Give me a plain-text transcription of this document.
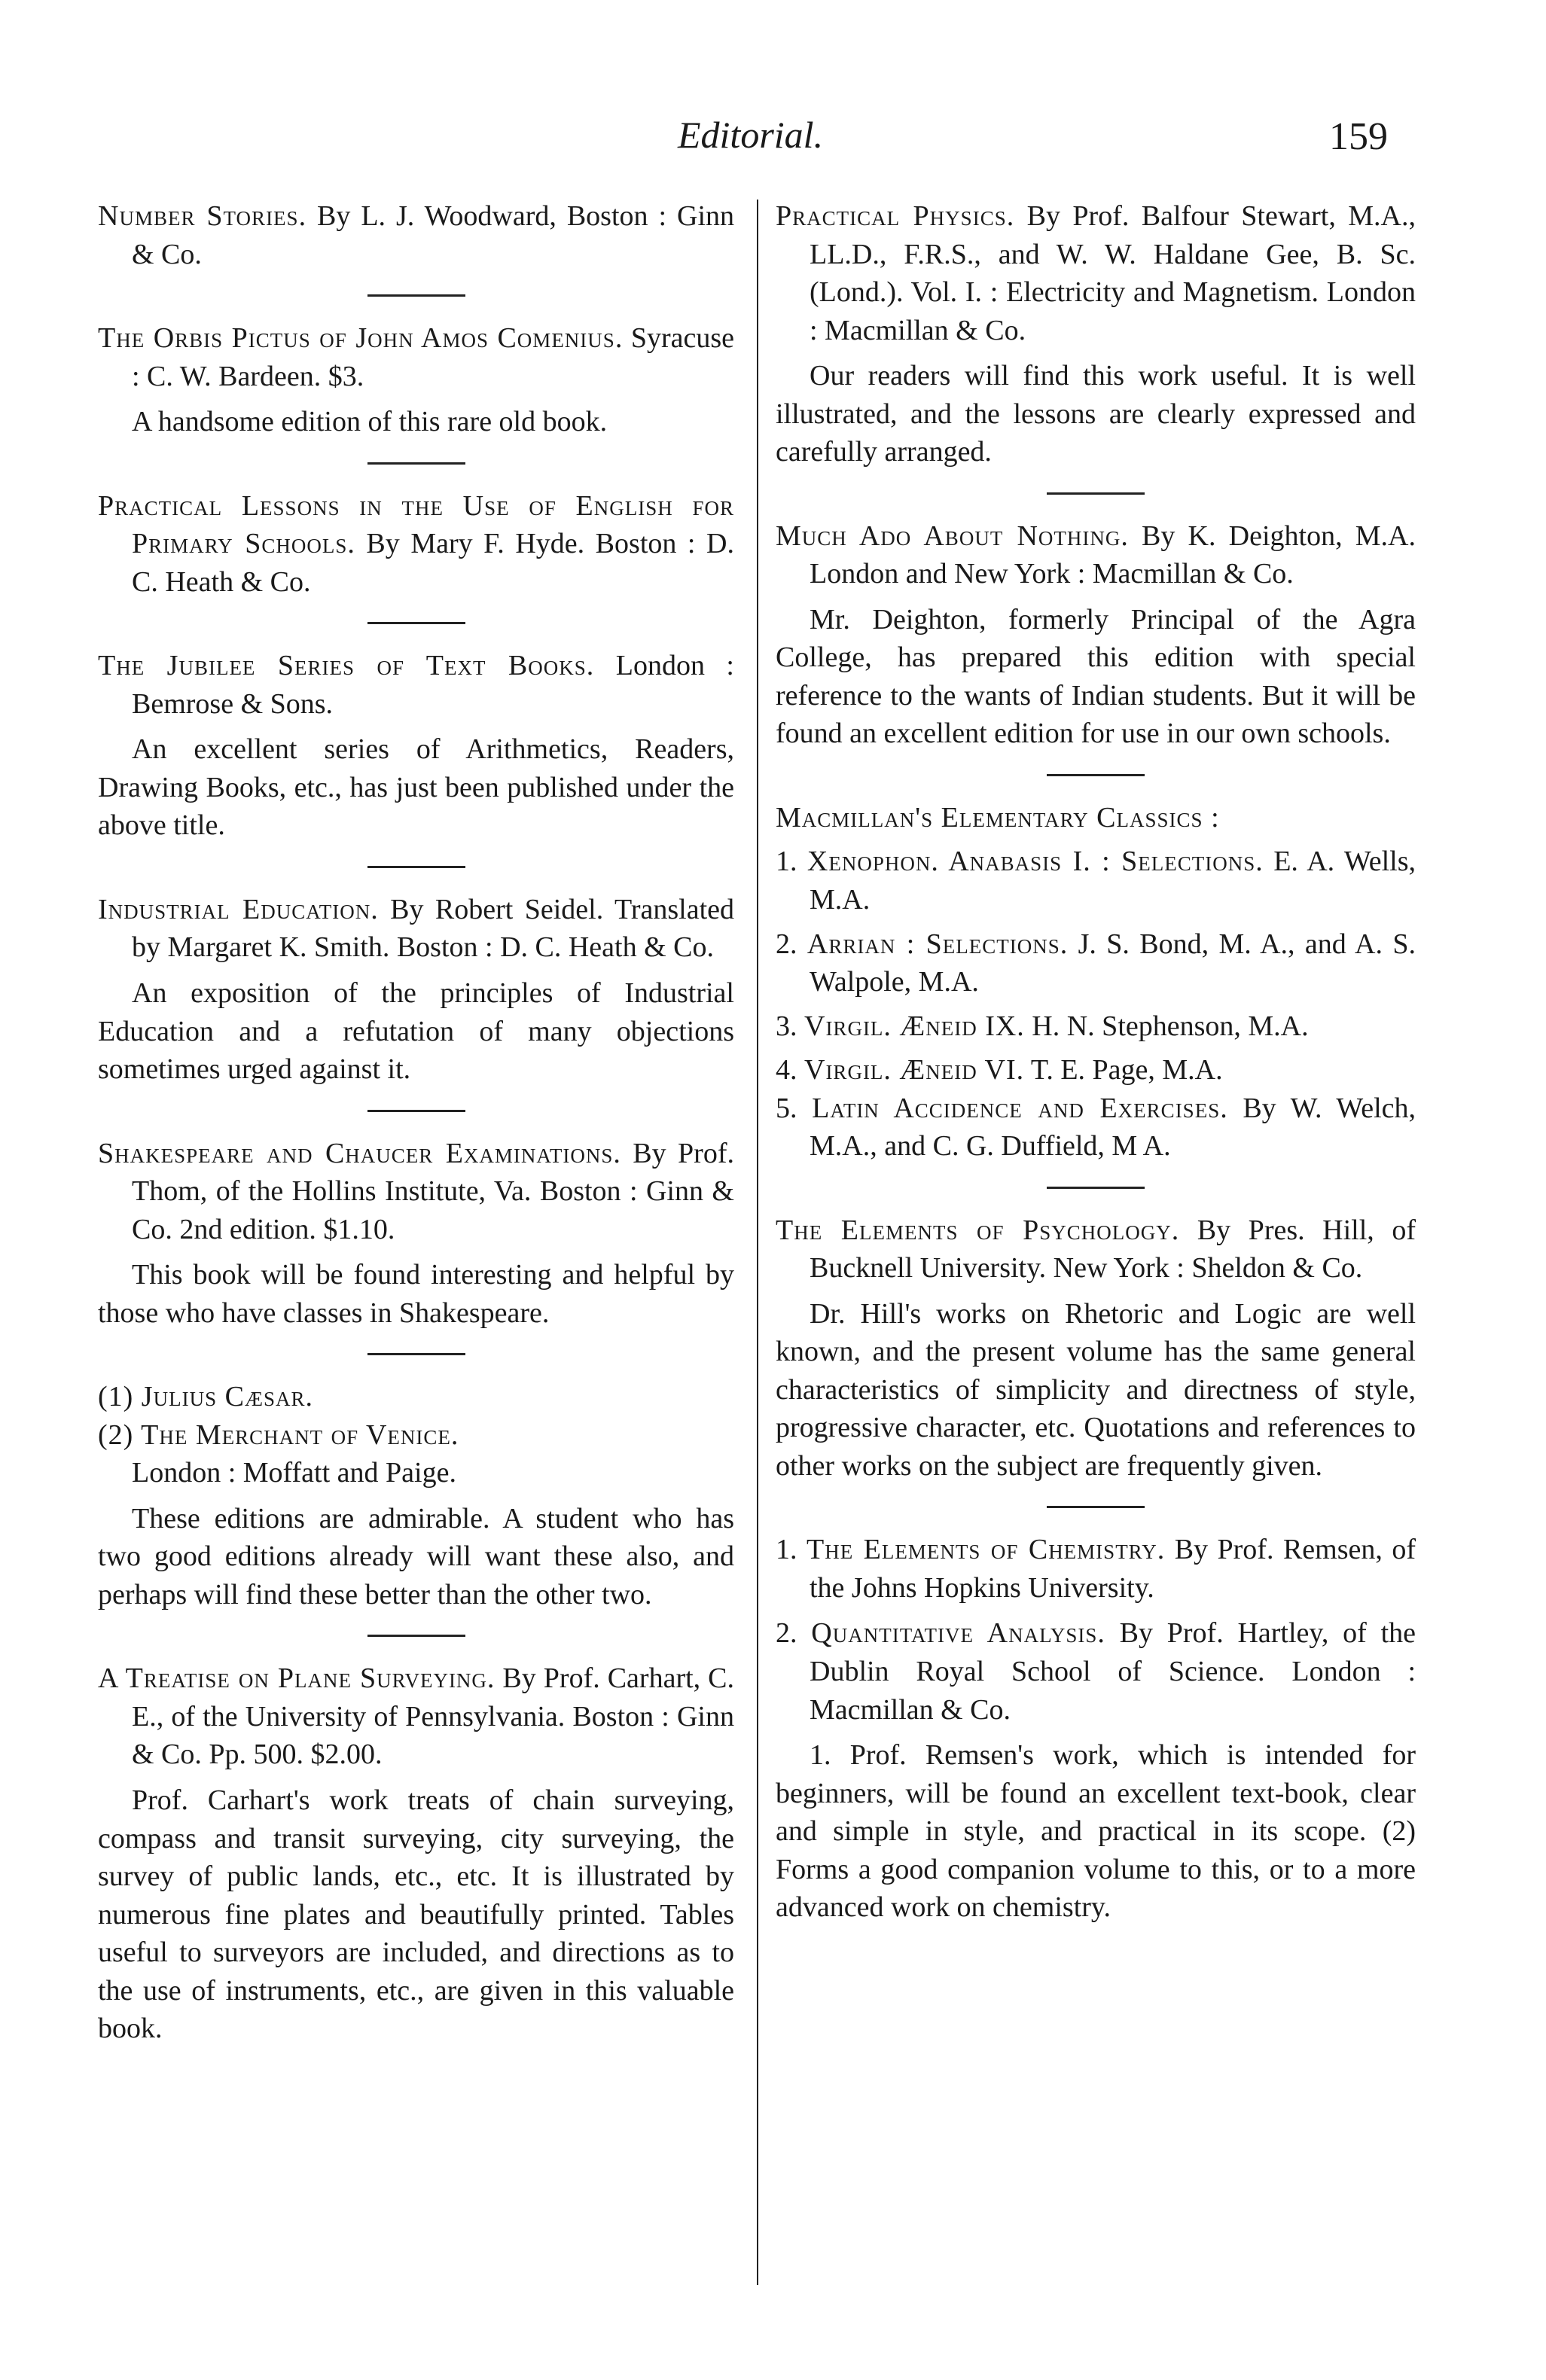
Editorial.	159
Number Stories. By L. J. Woodward, Boston : Ginn & Co.
The Orbis Pictus of John Amos Comenius. Syracuse : C. W. Bardeen. $3.
A handsome edition of this rare old book.
Practical Lessons in the Use of English for Primary Schools. By Mary F. Hyde. Boston : D. C. Heath & Co.
The Jubilee Series of Text Books. London : Bemrose & Sons.
An excellent series of Arithmetics, Readers, Drawing Books, etc., has just been published under the above title.
Industrial Education. By Robert Seidel. Translated by Margaret K. Smith. Boston : D. C. Heath & Co.
An exposition of the principles of Industrial Education and a refutation of many objections sometimes urged against it.
Shakespeare and Chaucer Examinations. By Prof. Thom, of the Hollins Institute, Va. Boston : Ginn & Co. 2nd edition. $1.10.
This book will be found interesting and helpful by those who have classes in Shakespeare.
(1) Julius Cæsar.
(2) The Merchant of Venice.
London : Moffatt and Paige.
These editions are admirable. A student who has two good editions already will want these also, and perhaps will find these better than the other two.
A Treatise on Plane Surveying. By Prof. Carhart, C. E., of the University of Pennsylvania. Boston : Ginn & Co. Pp. 500. $2.00.
Prof. Carhart's work treats of chain surveying, compass and transit surveying, city surveying, the survey of public lands, etc., etc. It is illustrated by numerous fine plates and beautifully printed. Tables useful to surveyors are included, and directions as to the use of instruments, etc., are given in this valuable book.
Practical Physics. By Prof. Balfour Stewart, M.A., LL.D., F.R.S., and W. W. Haldane Gee, B. Sc. (Lond.). Vol. I. : Electricity and Magnetism. London : Macmillan & Co.
Our readers will find this work useful. It is well illustrated, and the lessons are clearly expressed and carefully arranged.
Much Ado About Nothing. By K. Deighton, M.A. London and New York : Macmillan & Co.
Mr. Deighton, formerly Principal of the Agra College, has prepared this edition with special reference to the wants of Indian students. But it will be found an excellent edition for use in our own schools.
Macmillan's Elementary Classics :
1. Xenophon. Anabasis I. : Selections. E. A. Wells, M.A.
2. Arrian : Selections. J. S. Bond, M. A., and A. S. Walpole, M.A.
3. Virgil. Æneid IX. H. N. Stephenson, M.A.
4. Virgil. Æneid VI. T. E. Page, M.A.
5. Latin Accidence and Exercises. By W. Welch, M.A., and C. G. Duffield, M A.
The Elements of Psychology. By Pres. Hill, of Bucknell University. New York : Sheldon & Co.
Dr. Hill's works on Rhetoric and Logic are well known, and the present volume has the same general characteristics of simplicity and directness of style, progressive character, etc. Quotations and references to other works on the subject are frequently given.
1. The Elements of Chemistry. By Prof. Remsen, of the Johns Hopkins University.
2. Quantitative Analysis. By Prof. Hartley, of the Dublin Royal School of Science. London : Macmillan & Co.
1. Prof. Remsen's work, which is intended for beginners, will be found an excellent text-book, clear and simple in style, and practical in its scope. (2) Forms a good companion volume to this, or to a more advanced work on chemistry.
